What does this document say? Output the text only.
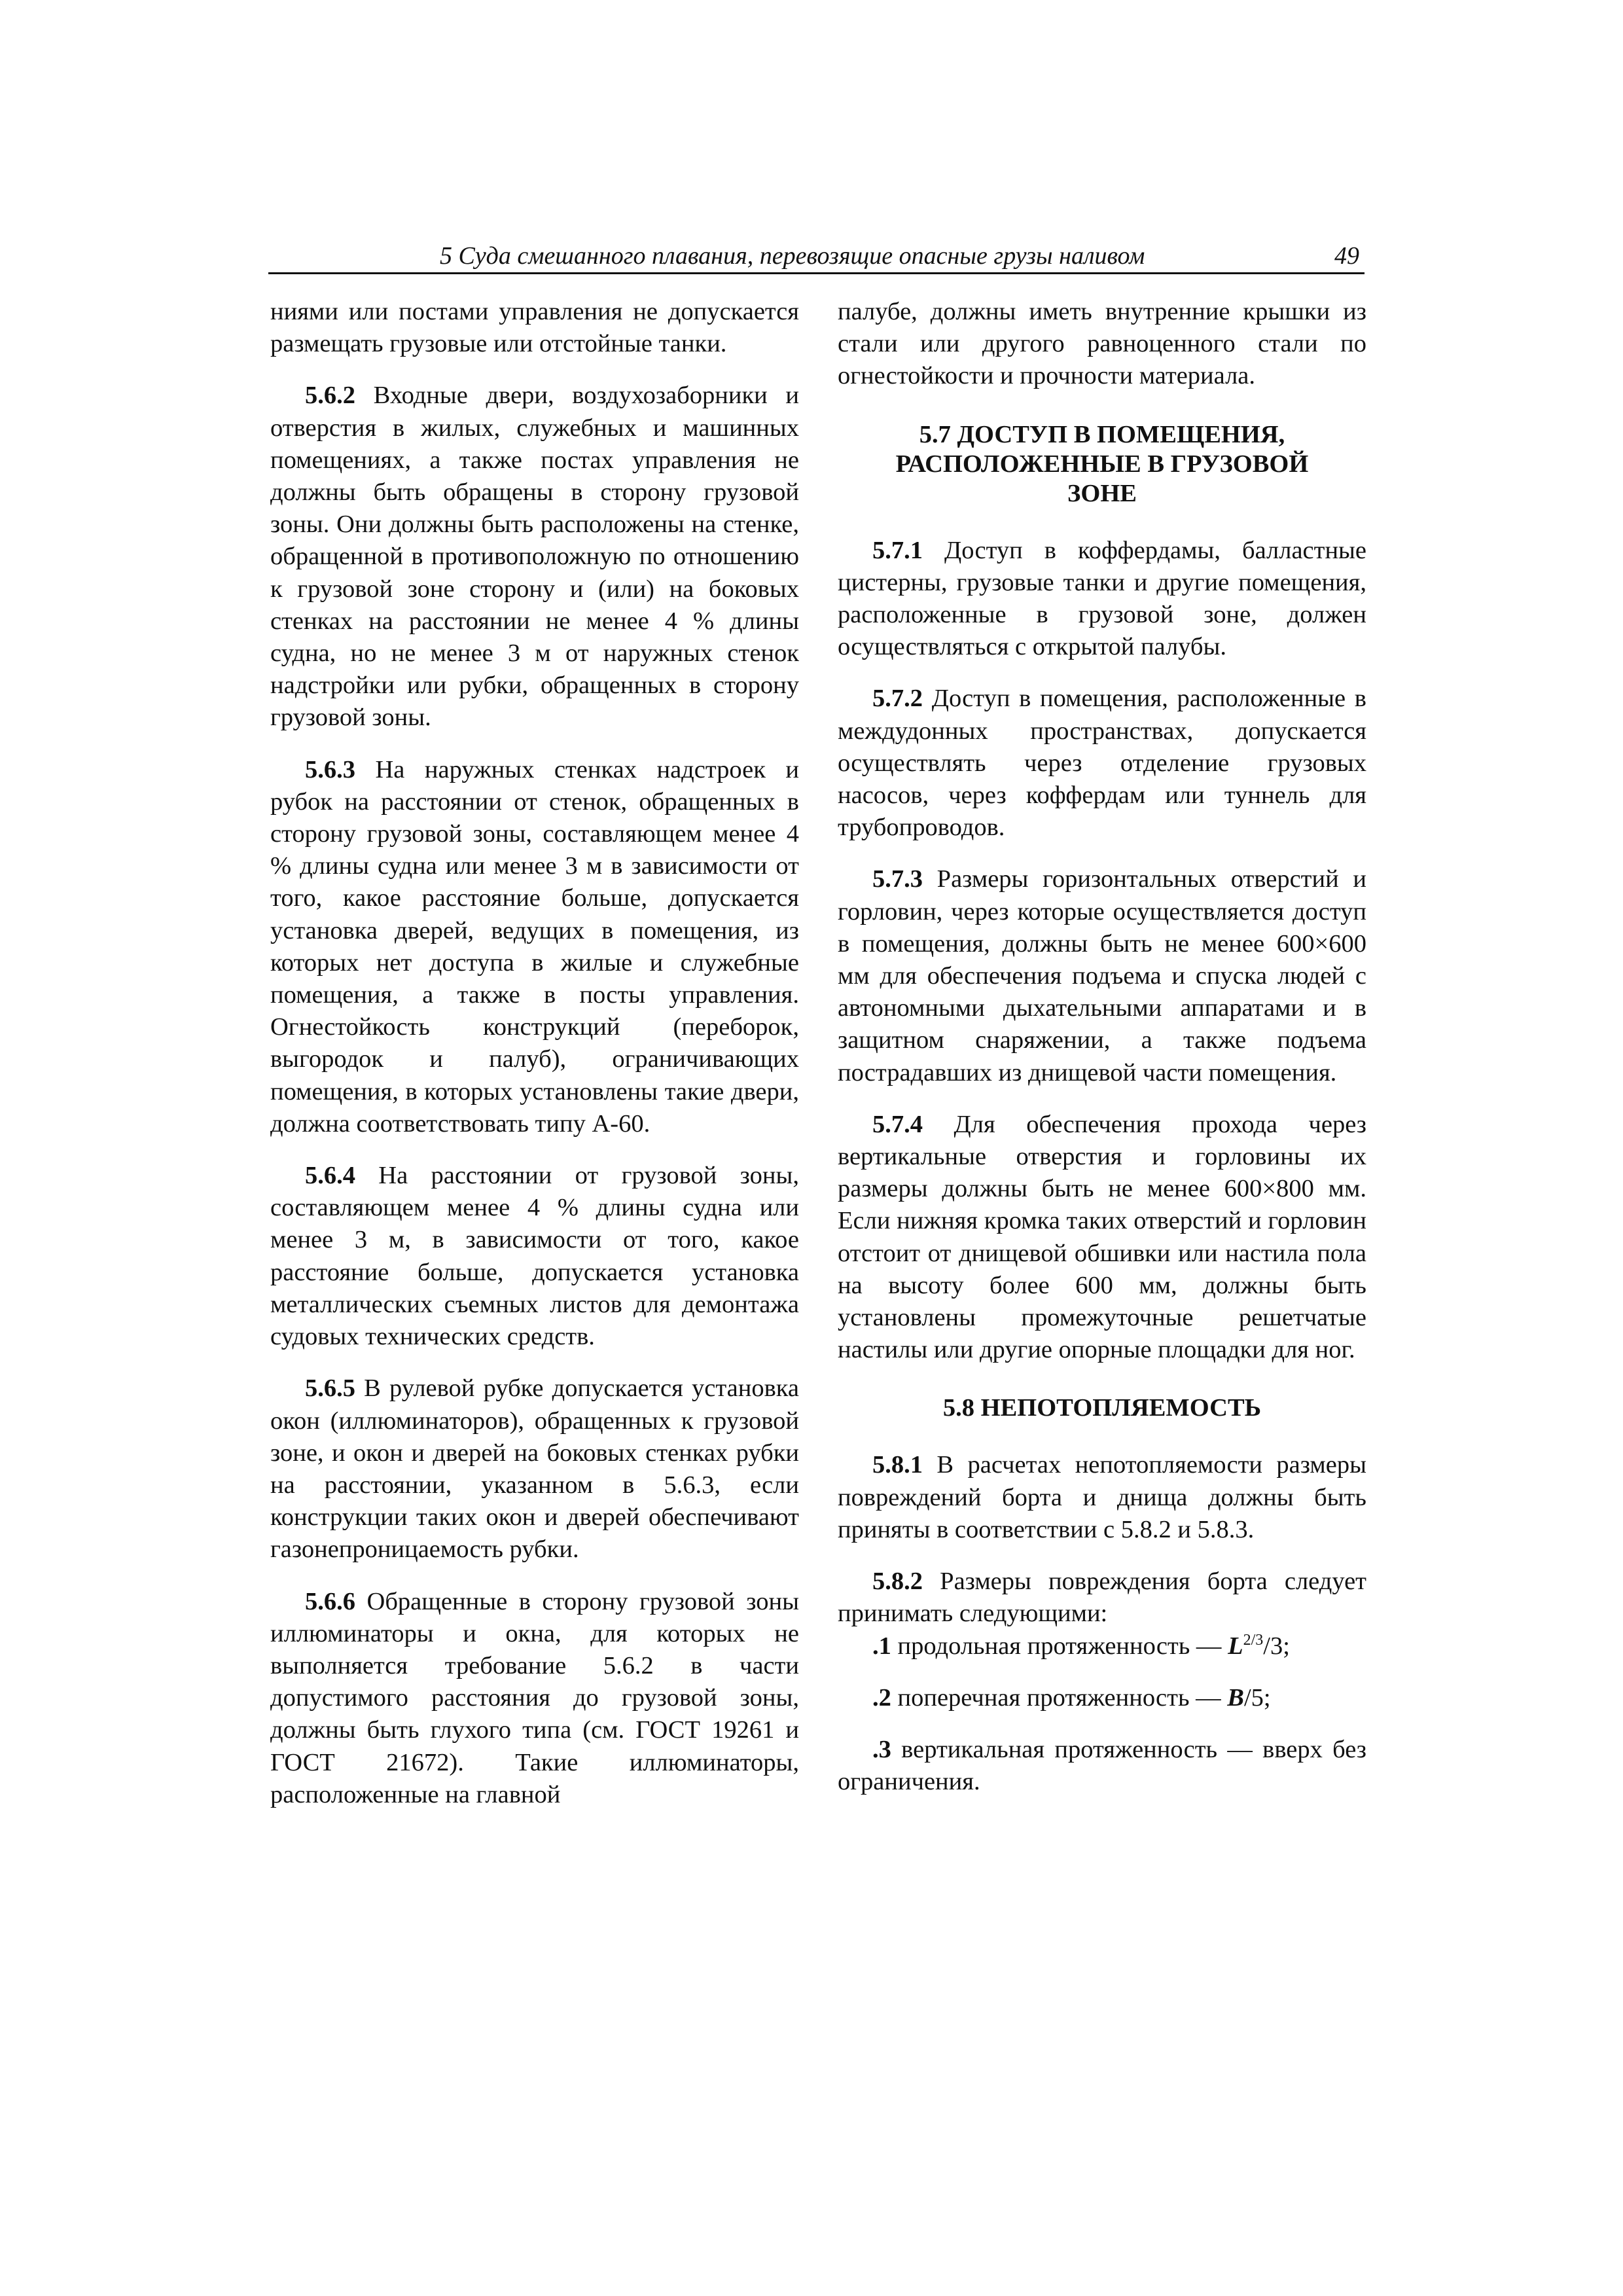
5 Суда смешанного плавания, перевозящие опасные грузы наливом	49

ниями или постами управления не допускается размещать грузовые или отстойные танки.

5.6.2 Входные двери, воздухозаборники и отверстия в жилых, служебных и машинных помещениях, а также постах управления не должны быть обращены в сторону грузовой зоны. Они должны быть расположены на стенке, обращенной в противоположную по отношению к грузовой зоне сторону и (или) на боковых стенках на расстоянии не менее 4 % длины судна, но не менее 3 м от наружных стенок надстройки или рубки, обращенных в сторону грузовой зоны.

5.6.3 На наружных стенках надстроек и рубок на расстоянии от стенок, обращенных в сторону грузовой зоны, составляющем менее 4 % длины судна или менее 3 м в зависимости от того, какое расстояние больше, допускается установка дверей, ведущих в помещения, из которых нет доступа в жилые и служебные помещения, а также в посты управления. Огнестойкость конструкций (переборок, выгородок и палуб), ограничивающих помещения, в которых установлены такие двери, должна соответствовать типу А-60.

5.6.4 На расстоянии от грузовой зоны, составляющем менее 4 % длины судна или менее 3 м, в зависимости от того, какое расстояние больше, допускается установка металлических съемных листов для демонтажа судовых технических средств.

5.6.5 В рулевой рубке допускается установка окон (иллюминаторов), обращенных к грузовой зоне, и окон и дверей на боковых стенках рубки на расстоянии, указанном в 5.6.3, если конструкции таких окон и дверей обеспечивают газонепроницаемость рубки.

5.6.6 Обращенные в сторону грузовой зоны иллюминаторы и окна, для которых не выполняется требование 5.6.2 в части допустимого расстояния до грузовой зоны, должны быть глухого типа (см. ГОСТ 19261 и ГОСТ 21672). Такие иллюминаторы, расположенные на главной

палубе, должны иметь внутренние крышки из стали или другого равноценного стали по огнестойкости и прочности материала.

5.7 ДОСТУП В ПОМЕЩЕНИЯ, РАСПОЛОЖЕННЫЕ В ГРУЗОВОЙ ЗОНЕ

5.7.1 Доступ в коффердамы, балластные цистерны, грузовые танки и другие помещения, расположенные в грузовой зоне, должен осуществляться с открытой палубы.

5.7.2 Доступ в помещения, расположенные в междудонных пространствах, допускается осуществлять через отделение грузовых насосов, через коффердам или туннель для трубопроводов.

5.7.3 Размеры горизонтальных отверстий и горловин, через которые осуществляется доступ в помещения, должны быть не менее 600×600 мм для обеспечения подъема и спуска людей с автономными дыхательными аппаратами и в защитном снаряжении, а также подъема пострадавших из днищевой части помещения.

5.7.4 Для обеспечения прохода через вертикальные отверстия и горловины их размеры должны быть не менее 600×800 мм. Если нижняя кромка таких отверстий и горловин отстоит от днищевой обшивки или настила пола на высоту более 600 мм, должны быть установлены промежуточные решетчатые настилы или другие опорные площадки для ног.

5.8 НЕПОТОПЛЯЕМОСТЬ

5.8.1 В расчетах непотопляемости размеры повреждений борта и днища должны быть приняты в соответствии с 5.8.2 и 5.8.3.

5.8.2 Размеры повреждения борта следует принимать следующими:

.1 продольная протяженность — $L^{2/3}/3$;

.2 поперечная протяженность — B/5;

.3 вертикальная протяженность — вверх без ограничения.
